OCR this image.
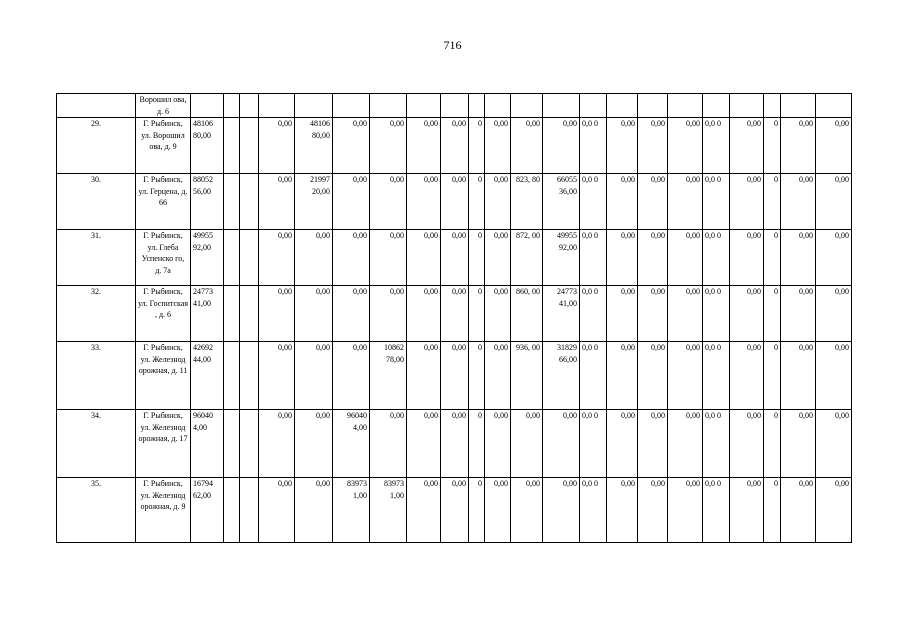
716
	Ворошил ова, д. 6																						
29.	Г. Рыбинск, ул. Ворошил ова, д. 9	48106 80,00			0,00	48106 80,00	0,00	0,00	0,00	0,00	0	0,00	0,00	0,00	0,0 0	0,00	0,00	0,00	0,0 0	0,00	0	0,00	0,00
30.	Г. Рыбинск, ул. Герцена, д. 66	88052 56,00			0,00	21997 20,00	0,00	0,00	0,00	0,00	0	0,00	823, 80	66055 36,00	0,0 0	0,00	0,00	0,00	0,0 0	0,00	0	0,00	0,00
31.	Г. Рыбинск, ул. Глеба Успенско го, д. 7а	49955 92,00			0,00	0,00	0,00	0,00	0,00	0,00	0	0,00	872, 00	49955 92,00	0,0 0	0,00	0,00	0,00	0,0 0	0,00	0	0,00	0,00
32.	Г. Рыбинск, ул. Госпитская , д. 6	24773 41,00			0,00	0,00	0,00	0,00	0,00	0,00	0	0,00	860, 00	24773 41,00	0,0 0	0,00	0,00	0,00	0,0 0	0,00	0	0,00	0,00
33.	Г. Рыбинск, ул. Железнод орожная, д. 11	42692 44,00			0,00	0,00	0,00	10862 78,00	0,00	0,00	0	0,00	936, 00	31829 66,00	0,0 0	0,00	0,00	0,00	0,0 0	0,00	0	0,00	0,00
34.	Г. Рыбинск, ул. Железнод орожная, д. 17	96040 4,00			0,00	0,00	96040 4,00	0,00	0,00	0,00	0	0,00	0,00	0,00	0,0 0	0,00	0,00	0,00	0,0 0	0,00	0	0,00	0,00
35.	Г. Рыбинск, ул. Железнод орожная, д. 9	16794 62,00			0,00	0,00	83973 1,00	83973 1,00	0,00	0,00	0	0,00	0,00	0,00	0,0 0	0,00	0,00	0,00	0,0 0	0,00	0	0,00	0,00
